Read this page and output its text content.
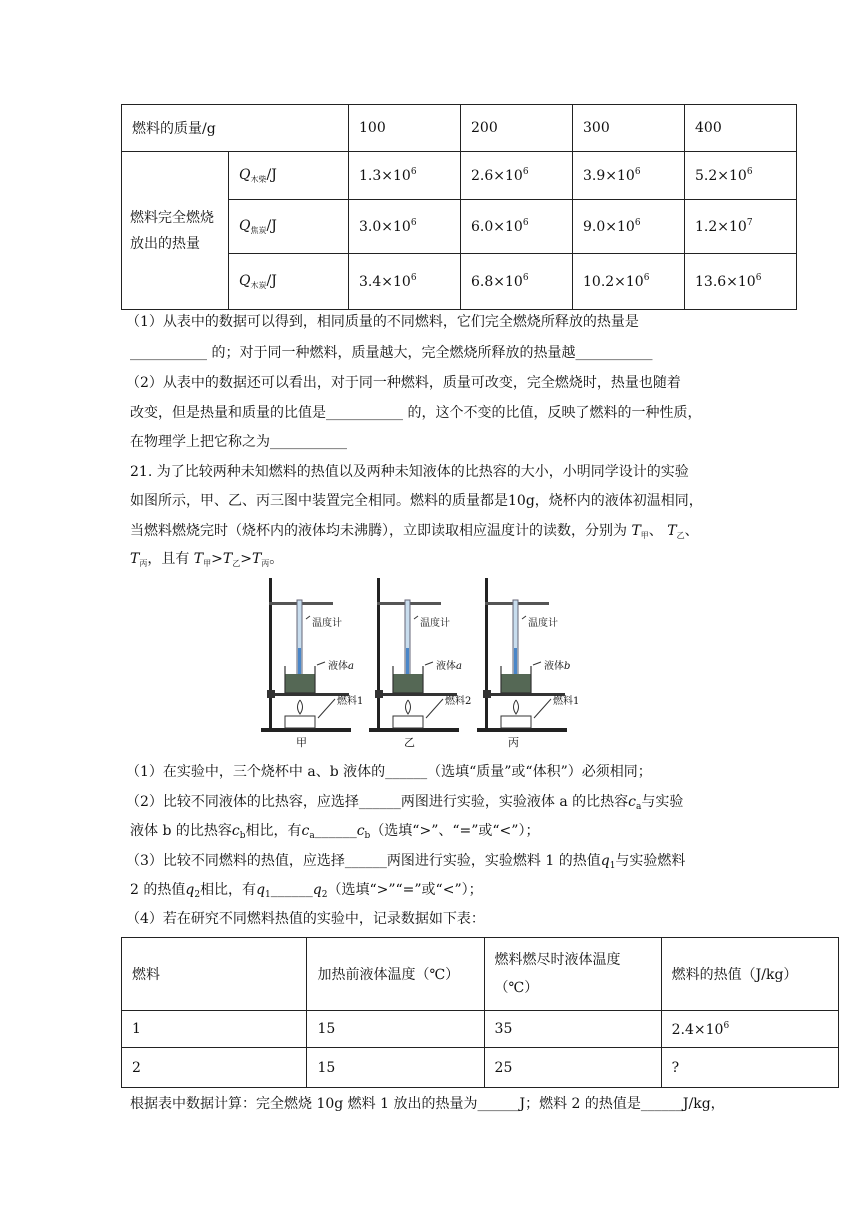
燃料的质量/g		100	200	300	400
燃料完全燃烧放出的热量	$Q_{木柴}/J$	$1.3\times 10^6$	$2.6\times 10^6$	$3.9\times 10^6$	$5.2\times 10^6$
	$Q_{焦炭}/J$	$3.0\times 10^6$	$6.0\times 10^6$	$9.0\times 10^6$	$1.2\times 10^7$
	$Q_{木炭}/J$	$3.4\times 10^6$	$6.8\times 10^6$	$10.2\times 10^6$	$13.6\times 10^6$
（1）从表中的数据可以得到，相同质量的不同燃料，它们完全燃烧所释放的热量是
___________ 的；对于同一种燃料，质量越大，完全燃烧所释放的热量越___________
（2）从表中的数据还可以看出，对于同一种燃料，质量可改变，完全燃烧时，热量也随着
改变，但是热量和质量的比值是___________ 的，这个不变的比值，反映了燃料的一种性质，
在物理学上把它称之为___________
21. 为了比较两种未知燃料的热值以及两种未知液体的比热容的大小，小明同学设计的实验
如图所示，甲、乙、丙三图中装置完全相同。燃料的质量都是10g，烧杯内的液体初温相同，
当燃料燃烧完时（烧杯内的液体均未沸腾），立即读取相应温度计的读数，分别为 $T_甲$、 $T_乙$、
$T_丙$，且有 $T_甲>T_乙>T_丙$。
温度计
液体a
燃料1
甲
温度计
液体a
燃料2
乙
温度计
液体b
燃料1
丙
（1）在实验中，三个烧杯中 a、b 液体的______（选填“质量”或“体积”）必须相同；
（2）比较不同液体的比热容，应选择______两图进行实验，实验液体 a 的比热容$c_a$与实验
液体 b 的比热容$c_b$相比，有$c_a\_\_\_\_\_\_c_b$（选填“>”、“=”或“<”）；
（3）比较不同燃料的热值，应选择______两图进行实验，实验燃料 1 的热值$q_1$与实验燃料
2 的热值$q_2$相比，有$q_1\_\_\_\_\_\_q_2$（选填“>”“=”或“<”）；
（4）若在研究不同燃料热值的实验中，记录数据如下表：
燃料	加热前液体温度（℃）	燃料燃尽时液体温度（℃）	燃料的热值（J/kg）
1	15	35	$2.4\times 10^6$
2	15	25	?
根据表中数据计算：完全燃烧 10g 燃料 1 放出的热量为______J；燃料 2 的热值是______J/kg，
